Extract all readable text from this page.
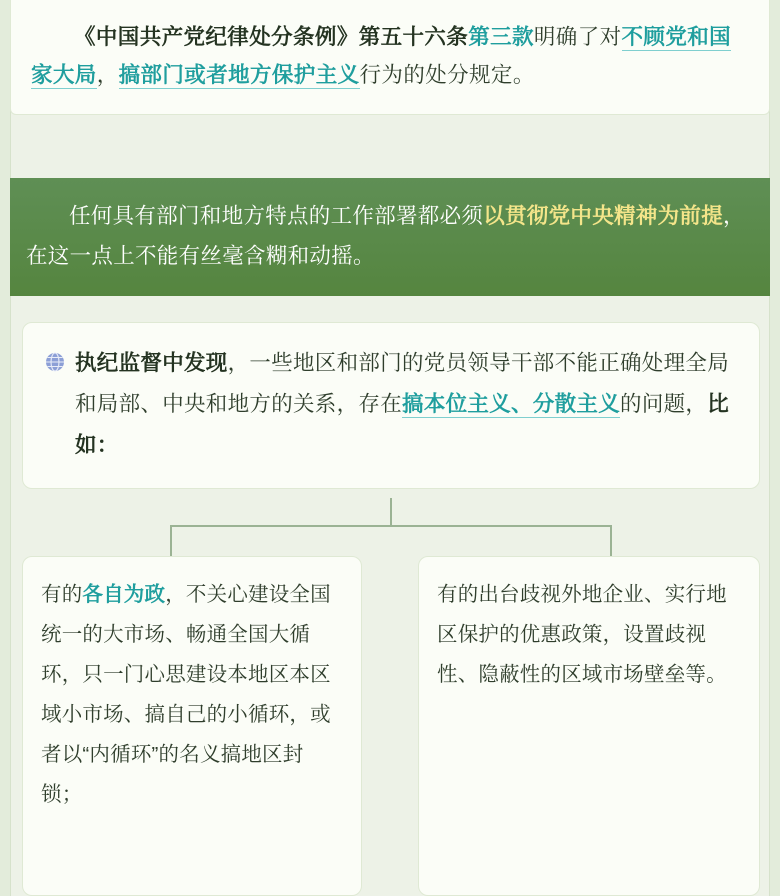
《中国共产党纪律处分条例》第五十六条第三款明确了对不顾党和国家大局，搞部门或者地方保护主义行为的处分规定。
任何具有部门和地方特点的工作部署都必须以贯彻党中央精神为前提，在这一点上不能有丝毫含糊和动摇。
执纪监督中发现，一些地区和部门的党员领导干部不能正确处理全局和局部、中央和地方的关系，存在搞本位主义、分散主义的问题，比如：
有的各自为政，不关心建设全国统一的大市场、畅通全国大循环，只一门心思建设本地区本区域小市场、搞自己的小循环，或者以“内循环”的名义搞地区封锁；
有的出台歧视外地企业、实行地区保护的优惠政策，设置歧视性、隐蔽性的区域市场壁垒等。
